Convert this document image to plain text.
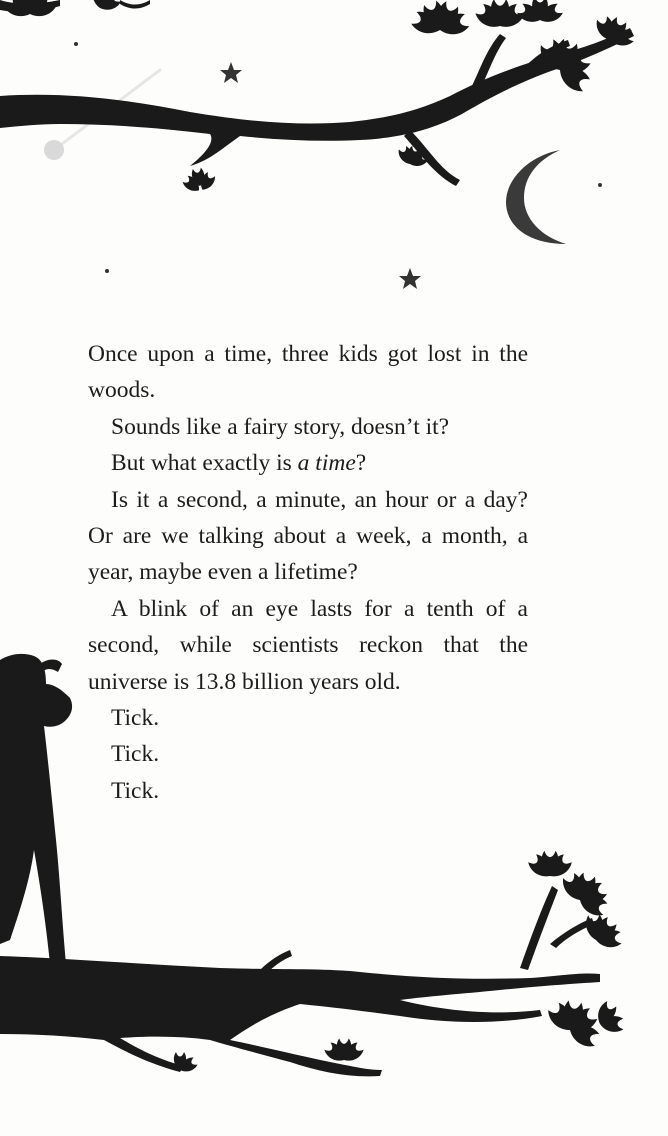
Once upon a time, three kids got lost in the woods.

Sounds like a fairy story, doesn’t it?

But what exactly is a time?

Is it a second, a minute, an hour or a day? Or are we talking about a week, a month, a year, maybe even a lifetime?

A blink of an eye lasts for a tenth of a second, while scientists reckon that the universe is 13.8 billion years old.

Tick.

Tick.

Tick.
